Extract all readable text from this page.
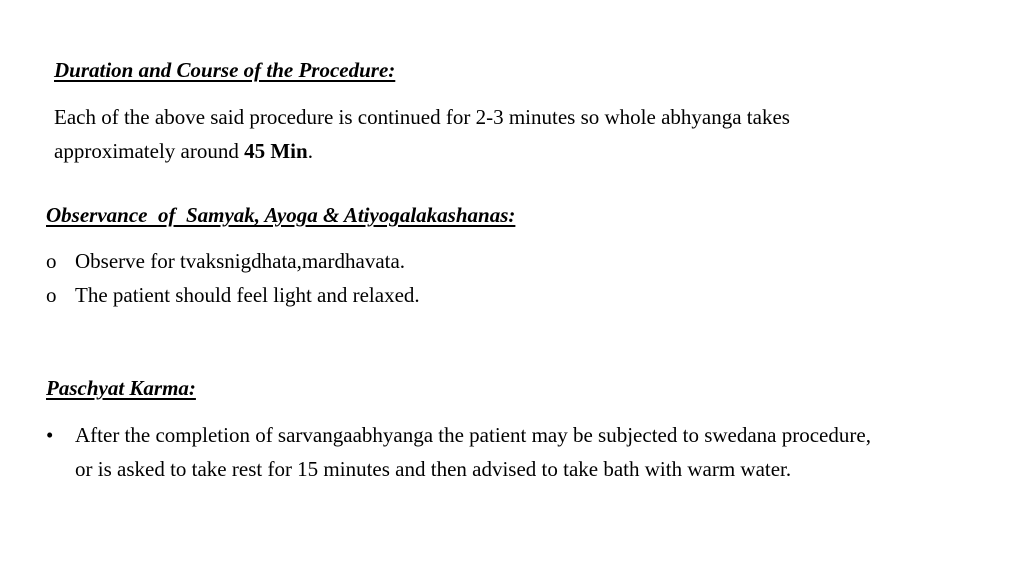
Duration and Course of the Procedure:
Each of the above said procedure is continued for 2-3 minutes so whole abhyanga takes approximately around 45 Min.
Observance  of  Samyak, Ayoga & Atiyogalakashanas:
o Observe for tvaksnigdhata,mardhavata.
o The patient should feel light and relaxed.
Paschyat Karma:
• After the completion of sarvangaabhyanga the patient may be subjected to swedana procedure, or is asked to take rest for 15 minutes and then advised to take bath with warm water.
